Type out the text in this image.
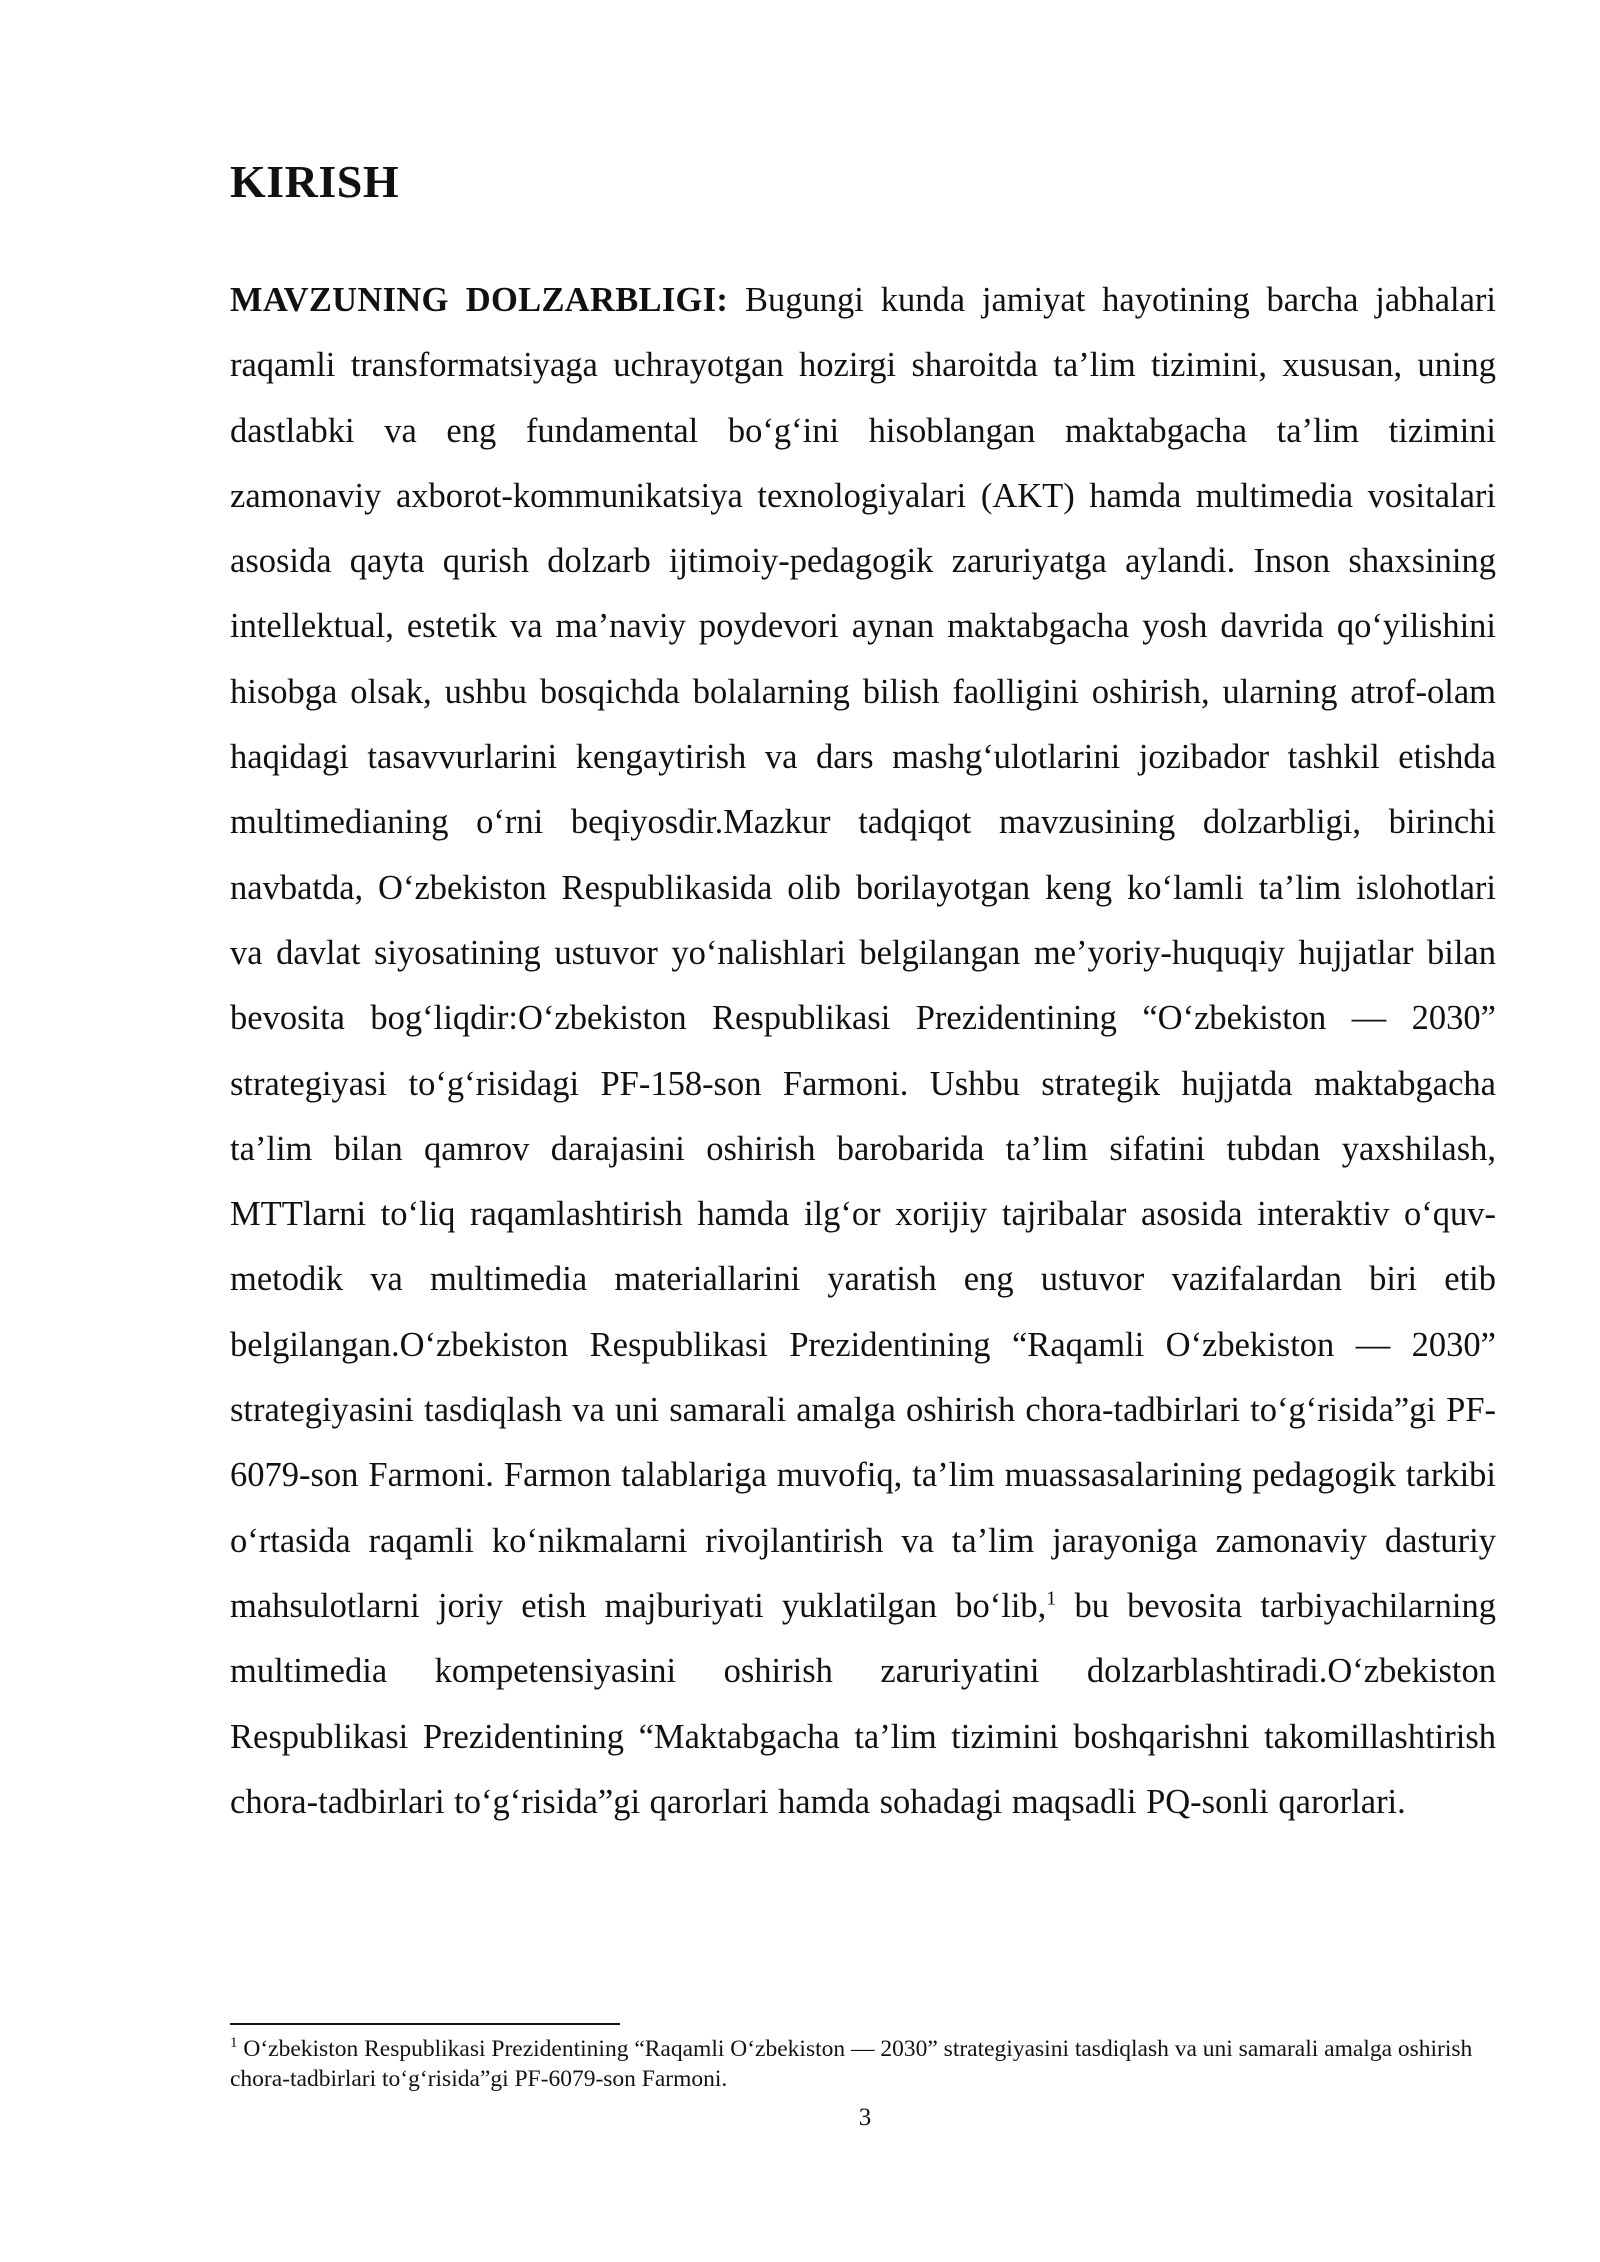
KIRISH

MAVZUNING DOLZARBLIGI: Bugungi kunda jamiyat hayotining barcha jabhalari raqamli transformatsiyaga uchrayotgan hozirgi sharoitda ta’lim tizimini, xususan, uning dastlabki va eng fundamental bo‘g‘ini hisoblangan maktabgacha ta’lim tizimini zamonaviy axborot-kommunikatsiya texnologiyalari (AKT) hamda multimedia vositalari asosida qayta qurish dolzarb ijtimoiy-pedagogik zaruriyatga aylandi. Inson shaxsining intellektual, estetik va ma’naviy poydevori aynan maktabgacha yosh davrida qo‘yilishini hisobga olsak, ushbu bosqichda bolalarning bilish faolligini oshirish, ularning atrof-olam haqidagi tasavvurlarini kengaytirish va dars mashg‘ulotlarini jozibador tashkil etishda multimedianing o‘rni beqiyosdir.Mazkur tadqiqot mavzusining dolzarbligi, birinchi navbatda, O‘zbekiston Respublikasida olib borilayotgan keng ko‘lamli ta’lim islohotlari va davlat siyosatining ustuvor yo‘nalishlari belgilangan me’yoriy-huquqiy hujjatlar bilan bevosita bog‘liqdir:O‘zbekiston Respublikasi Prezidentining “O‘zbekiston — 2030” strategiyasi to‘g‘risidagi PF-158-son Farmoni. Ushbu strategik hujjatda maktabgacha ta’lim bilan qamrov darajasini oshirish barobarida ta’lim sifatini tubdan yaxshilash, MTTlarni to‘liq raqamlashtirish hamda ilg‘or xorijiy tajribalar asosida interaktiv o‘quv-metodik va multimedia materiallarini yaratish eng ustuvor vazifalardan biri etib belgilangan.O‘zbekiston Respublikasi Prezidentining “Raqamli O‘zbekiston — 2030” strategiyasini tasdiqlash va uni samarali amalga oshirish chora-tadbirlari to‘g‘risida”gi PF-6079-son Farmoni. Farmon talablariga muvofiq, ta’lim muassasalarining pedagogik tarkibi o‘rtasida raqamli ko‘nikmalarni rivojlantirish va ta’lim jarayoniga zamonaviy dasturiy mahsulotlarni joriy etish majburiyati yuklatilgan bo‘lib,$^1$ bu bevosita tarbiyachilarning multimedia kompetensiyasini oshirish zaruriyatini dolzarblashtiradi.O‘zbekiston Respublikasi Prezidentining “Maktabgacha ta’lim tizimini boshqarishni takomillashtirish chora-tadbirlari to‘g‘risida”gi qarorlari hamda sohadagi maqsadli PQ-sonli qarorlari.

$^1$ O‘zbekiston Respublikasi Prezidentining “Raqamli O‘zbekiston — 2030” strategiyasini tasdiqlash va uni samarali amalga oshirish chora-tadbirlari to‘g‘risida”gi PF-6079-son Farmoni.

3
